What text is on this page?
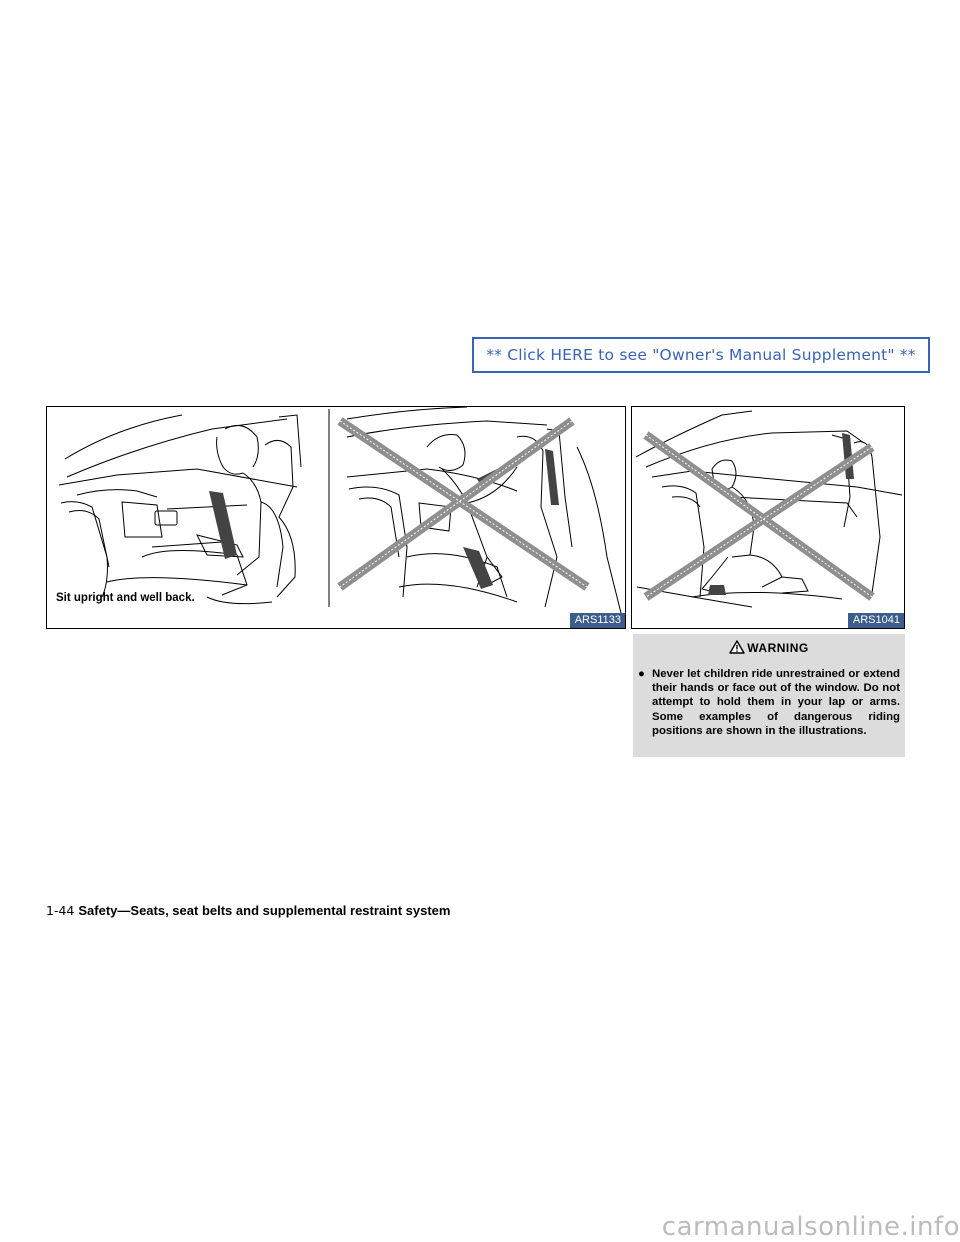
** Click HERE to see "Owner's Manual Supplement" **
Sit upright and well back.
ARS1133	ARS1041
WARNING
● Never let children ride unrestrained or extend their hands or face out of the window. Do not attempt to hold them in your lap or arms. Some examples of dangerous riding positions are shown in the illustrations.
1-44 Safety—Seats, seat belts and supplemental restraint system
carmanualsonline.info
